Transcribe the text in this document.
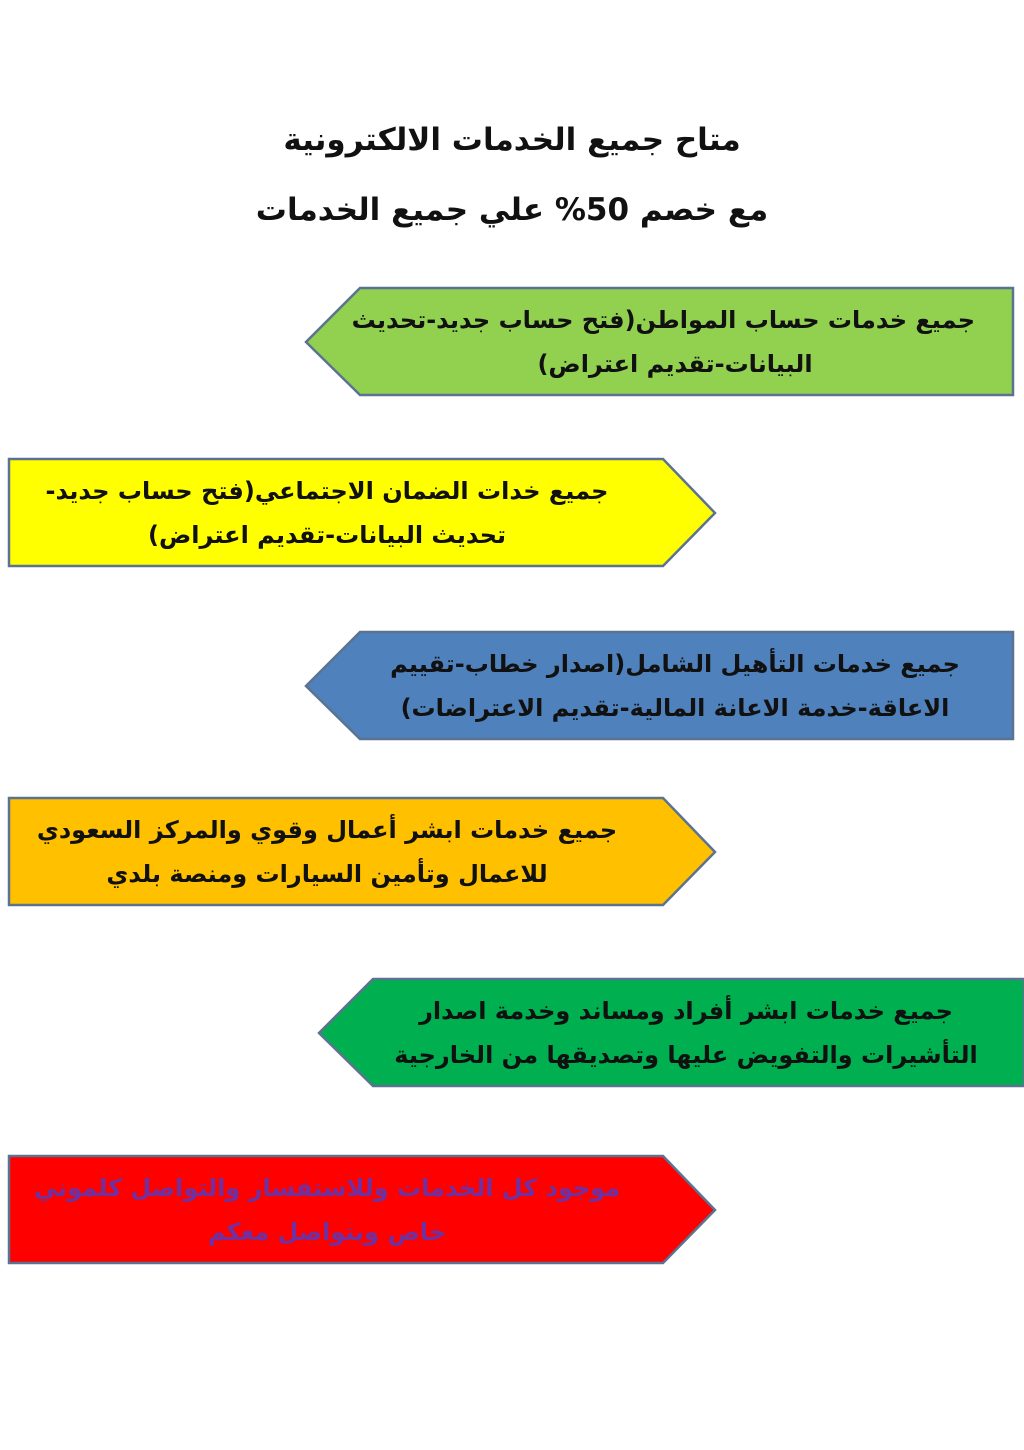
متاح جميع الخدمات الالكترونية
مع خصم 50% علي جميع الخدمات
جميع خدمات حساب المواطن(فتح حساب جديد-تحديث
البيانات-تقديم اعتراض)
جميع خدات الضمان الاجتماعي(فتح حساب جديد-
تحديث البيانات-تقديم اعتراض)
جميع خدمات التأهيل الشامل(اصدار خطاب-تقييم
الاعاقة-خدمة الاعانة المالية-تقديم الاعتراضات)
جميع خدمات ابشر أعمال وقوي والمركز السعودي
للاعمال وتأمين السيارات ومنصة بلدي
جميع خدمات ابشر أفراد ومساند وخدمة اصدار
التأشيرات والتفويض عليها وتصديقها من الخارجية
موجود كل الخدمات وللاستفسار والتواصل كلموني
خاص وبتواصل معكم
